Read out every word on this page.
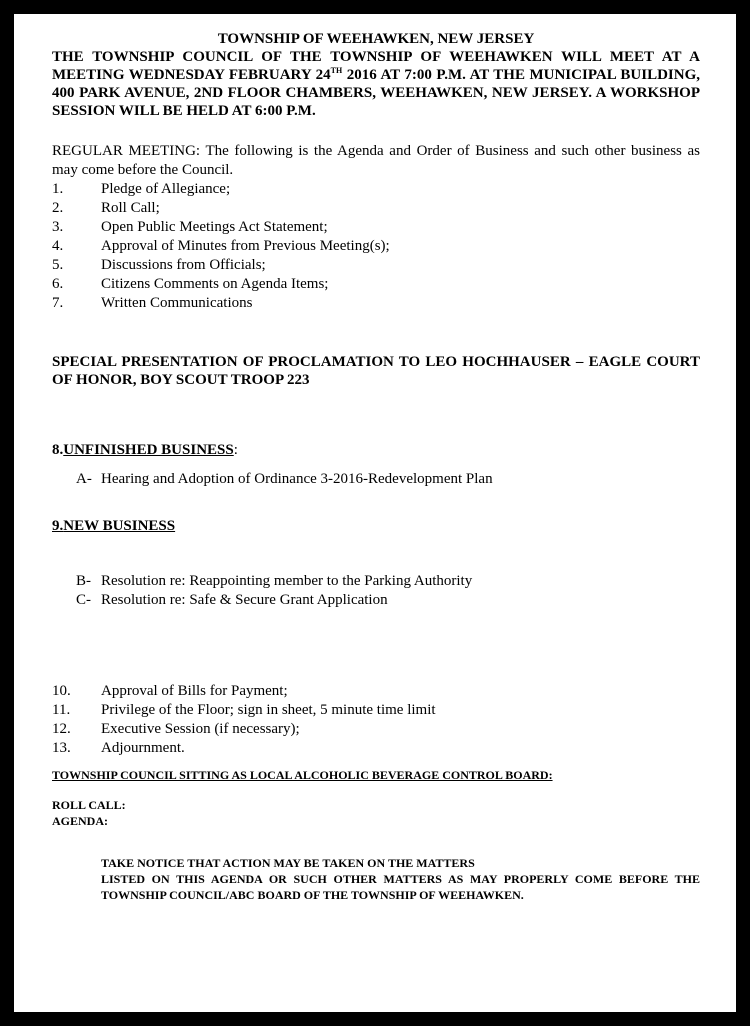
TOWNSHIP OF WEEHAWKEN, NEW JERSEY

THE TOWNSHIP COUNCIL OF THE TOWNSHIP OF WEEHAWKEN WILL MEET AT A MEETING WEDNESDAY FEBRUARY 24TH 2016 AT 7:00 P.M. AT THE MUNICIPAL BUILDING, 400 PARK AVENUE, 2ND FLOOR CHAMBERS, WEEHAWKEN, NEW JERSEY. A WORKSHOP SESSION WILL BE HELD AT 6:00 P.M.

REGULAR MEETING: The following is the Agenda and Order of Business and such other business as may come before the Council.

1.	Pledge of Allegiance;
2.	Roll Call;
3.	Open Public Meetings Act Statement;
4.	Approval of Minutes from Previous Meeting(s);
5.	Discussions from Officials;
6.	Citizens Comments on Agenda Items;
7.	Written Communications

SPECIAL PRESENTATION OF PROCLAMATION TO LEO HOCHHAUSER – EAGLE COURT OF HONOR, BOY SCOUT TROOP 223

8.UNFINISHED BUSINESS:

A- Hearing and Adoption of Ordinance 3-2016-Redevelopment Plan

9.NEW BUSINESS

B- Resolution re: Reappointing member to the Parking Authority
C- Resolution re: Safe & Secure Grant Application
10.	Approval of Bills for Payment;
11.	Privilege of the Floor; sign in sheet, 5 minute time limit
12.	Executive Session (if necessary);
13.	Adjournment.

TOWNSHIP COUNCIL SITTING AS LOCAL ALCOHOLIC BEVERAGE CONTROL BOARD:

ROLL CALL:

AGENDA:

TAKE NOTICE THAT ACTION MAY BE TAKEN ON THE MATTERS

LISTED ON THIS AGENDA OR SUCH OTHER MATTERS AS MAY PROPERLY COME BEFORE THE TOWNSHIP COUNCIL/ABC BOARD OF THE TOWNSHIP OF WEEHAWKEN.
